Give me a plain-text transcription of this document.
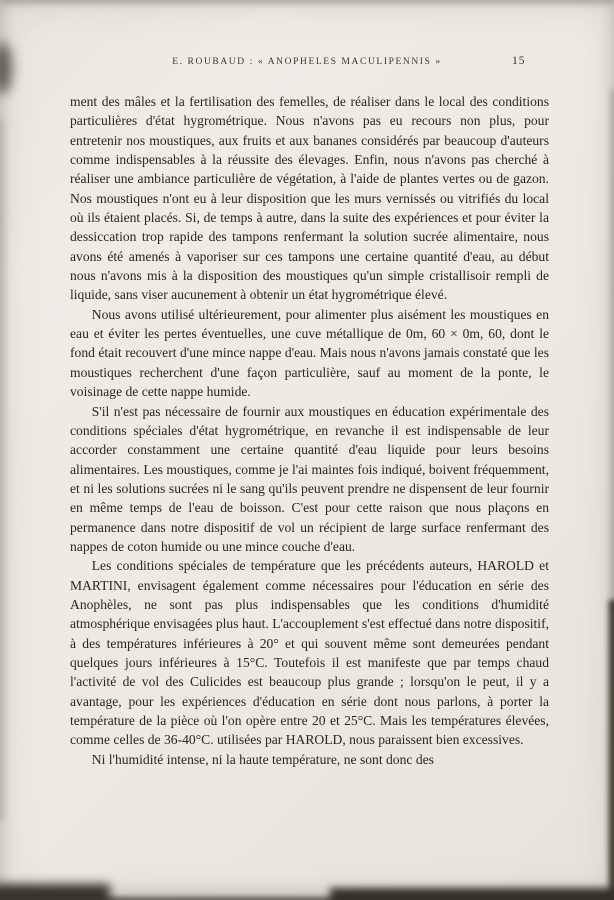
E. ROUBAUD : « ANOPHELES MACULIPENNIS »	15

ment des mâles et la fertilisation des femelles, de réaliser dans le local des conditions particulières d'état hygrométrique. Nous n'avons pas eu recours non plus, pour entretenir nos moustiques, aux fruits et aux bananes considérés par beaucoup d'auteurs comme indispensables à la réussite des élevages. Enfin, nous n'avons pas cherché à réaliser une ambiance particulière de végétation, à l'aide de plantes vertes ou de gazon. Nos moustiques n'ont eu à leur disposition que les murs vernissés ou vitrifiés du local où ils étaient placés. Si, de temps à autre, dans la suite des expériences et pour éviter la dessiccation trop rapide des tampons renfermant la solution sucrée alimentaire, nous avons été amenés à vaporiser sur ces tampons une certaine quantité d'eau, au début nous n'avons mis à la disposition des moustiques qu'un simple cristallisoir rempli de liquide, sans viser aucunement à obtenir un état hygrométrique élevé.

Nous avons utilisé ultérieurement, pour alimenter plus aisément les moustiques en eau et éviter les pertes éventuelles, une cuve métallique de 0m, 60 × 0m, 60, dont le fond était recouvert d'une mince nappe d'eau. Mais nous n'avons jamais constaté que les moustiques recherchent d'une façon particulière, sauf au moment de la ponte, le voisinage de cette nappe humide.

S'il n'est pas nécessaire de fournir aux moustiques en éducation expérimentale des conditions spéciales d'état hygrométrique, en revanche il est indispensable de leur accorder constamment une certaine quantité d'eau liquide pour leurs besoins alimentaires. Les moustiques, comme je l'ai maintes fois indiqué, boivent fréquemment, et ni les solutions sucrées ni le sang qu'ils peuvent prendre ne dispensent de leur fournir en même temps de l'eau de boisson. C'est pour cette raison que nous plaçons en permanence dans notre dispositif de vol un récipient de large surface renfermant des nappes de coton humide ou une mince couche d'eau.

Les conditions spéciales de température que les précédents auteurs, HAROLD et MARTINI, envisagent également comme nécessaires pour l'éducation en série des Anophèles, ne sont pas plus indispensables que les conditions d'humidité atmosphérique envisagées plus haut. L'accouplement s'est effectué dans notre dispositif, à des températures inférieures à 20° et qui souvent même sont demeurées pendant quelques jours inférieures à 15°C. Toutefois il est manifeste que par temps chaud l'activité de vol des Culicides est beaucoup plus grande ; lorsqu'on le peut, il y a avantage, pour les expériences d'éducation en série dont nous parlons, à porter la température de la pièce où l'on opère entre 20 et 25°C. Mais les températures élevées, comme celles de 36-40°C. utilisées par HAROLD, nous paraissent bien excessives.

Ni l'humidité intense, ni la haute température, ne sont donc des
